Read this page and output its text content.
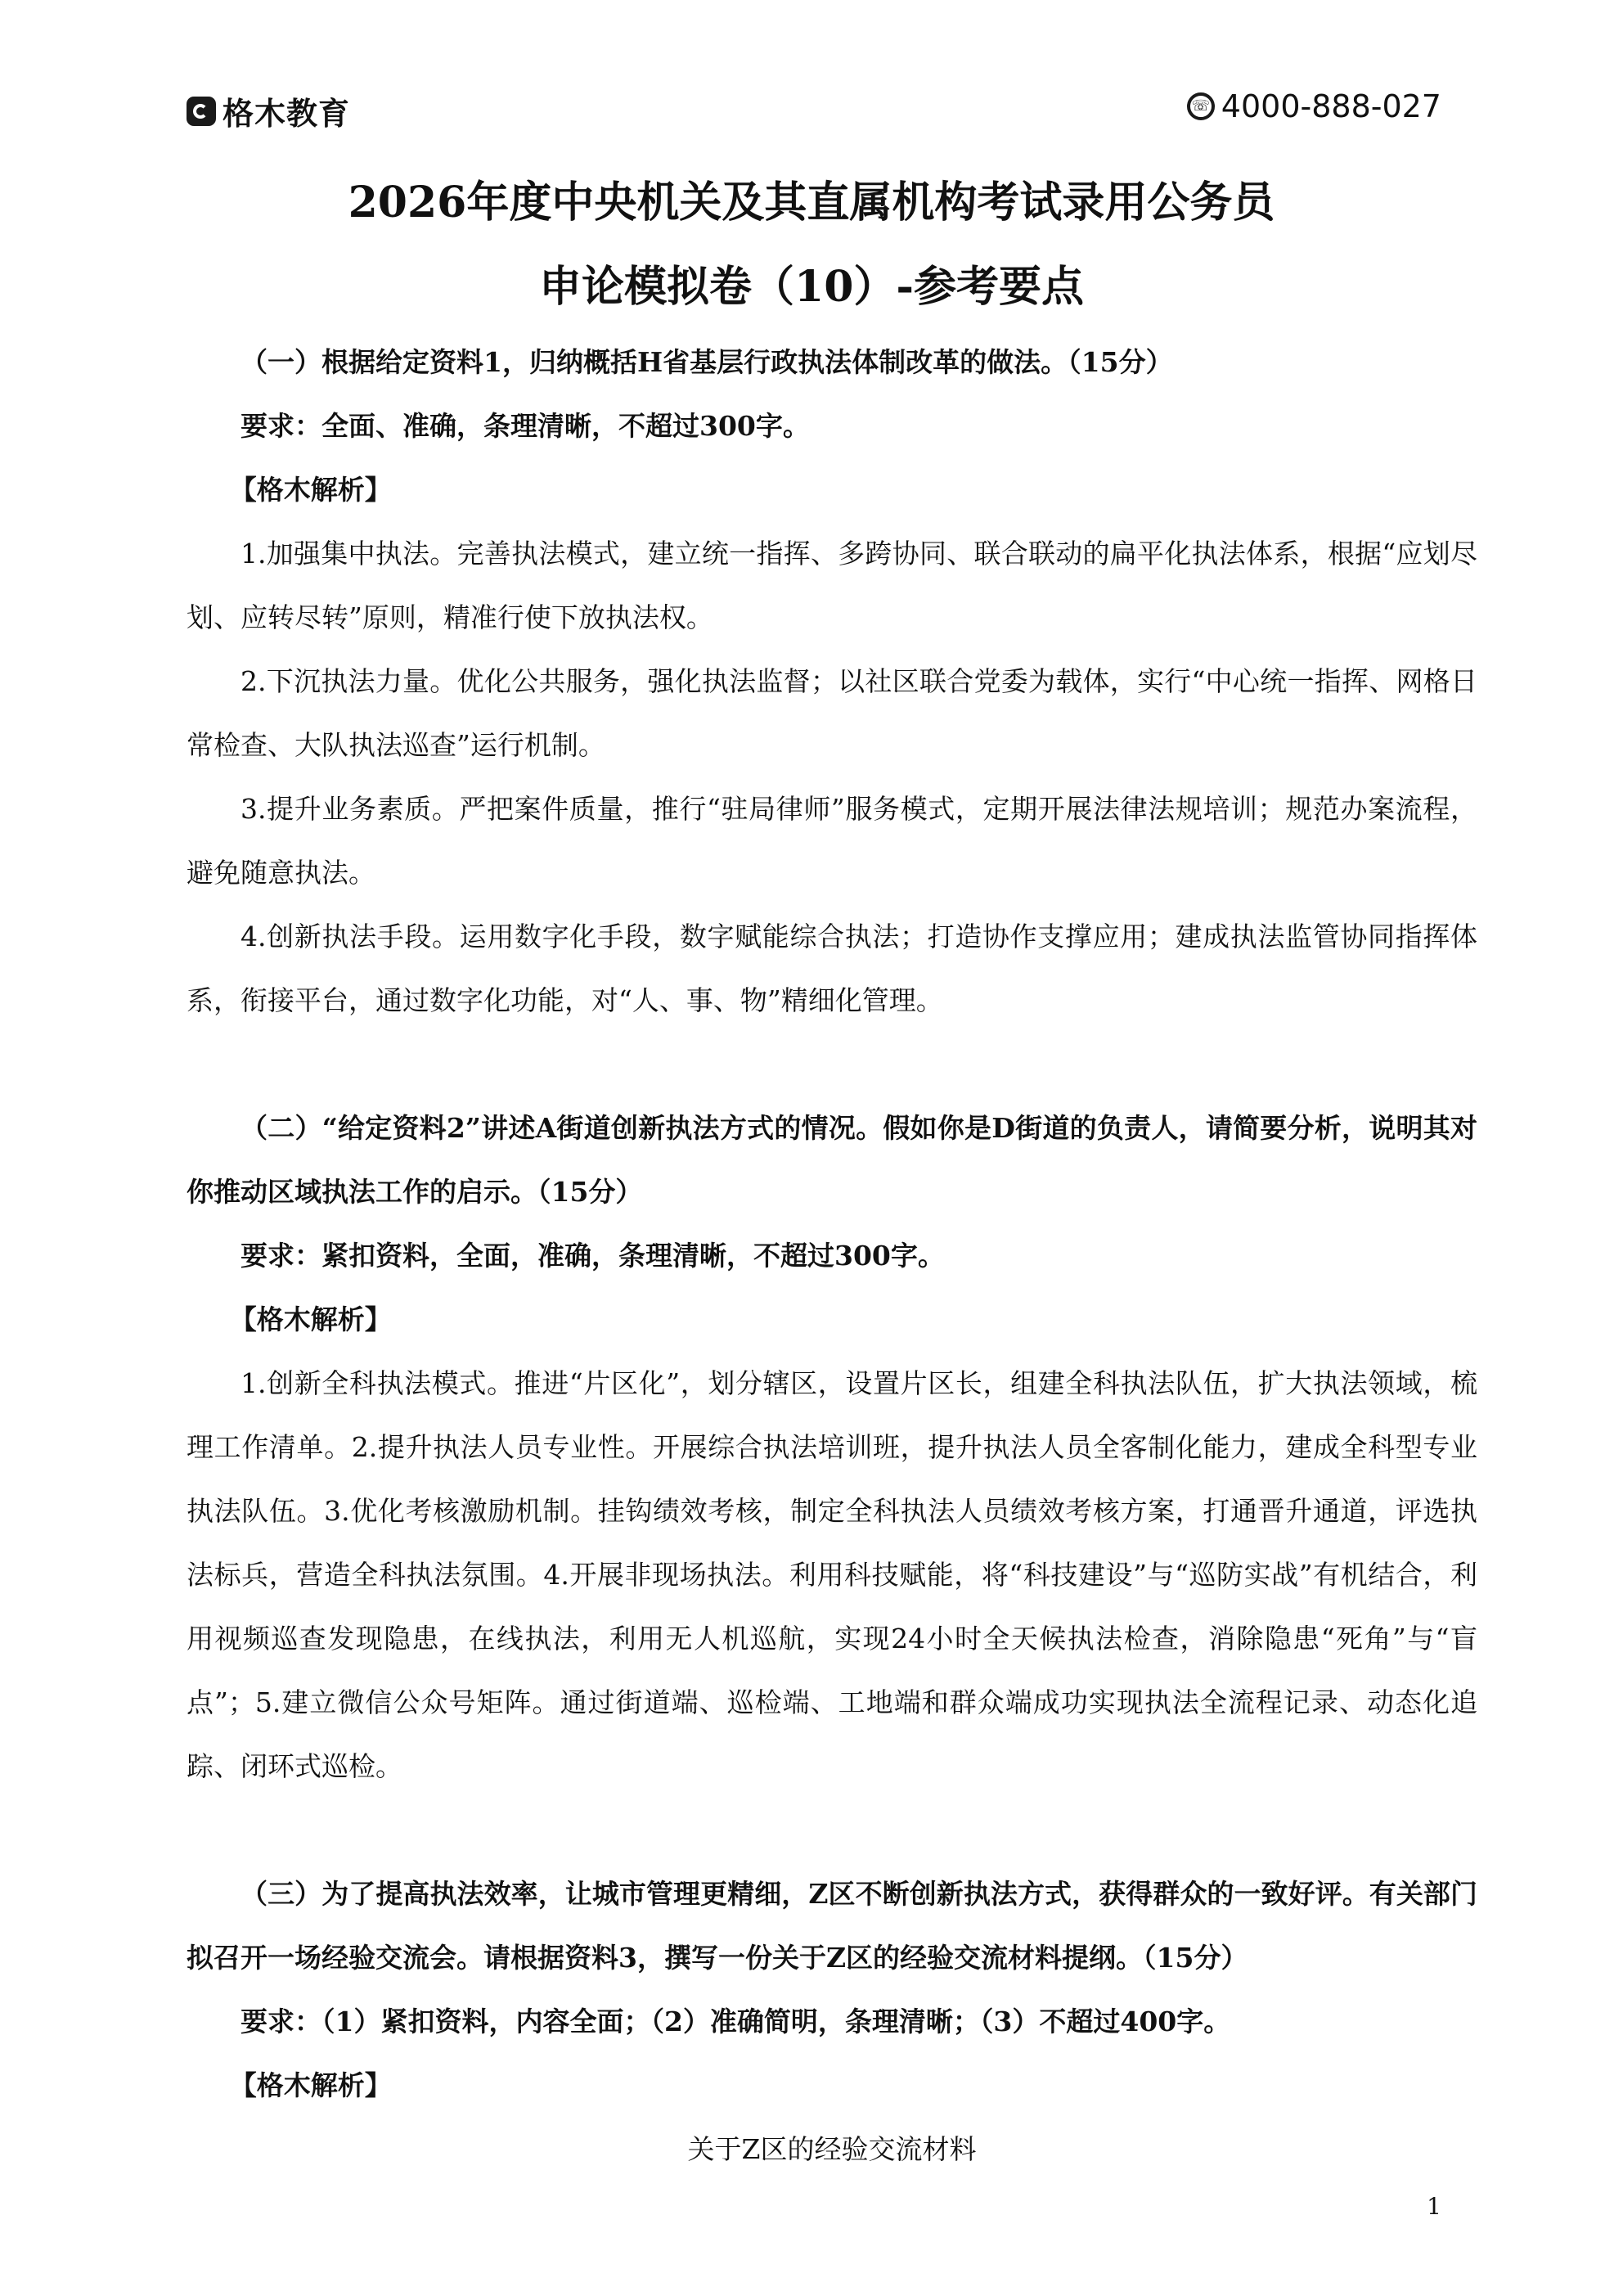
格木教育	☏ 4000-888-027
2026年度中央机关及其直属机构考试录用公务员
申论模拟卷（10）-参考要点

（一）根据给定资料1，归纳概括H省基层行政执法体制改革的做法。（15分）

要求：全面、准确，条理清晰，不超过300字。

【格木解析】

1.加强集中执法。完善执法模式，建立统一指挥、多跨协同、联合联动的扁平化执法体系，根据“应划尽划、应转尽转”原则，精准行使下放执法权。

2.下沉执法力量。优化公共服务，强化执法监督；以社区联合党委为载体，实行“中心统一指挥、网格日常检查、大队执法巡查”运行机制。

3.提升业务素质。严把案件质量，推行“驻局律师”服务模式，定期开展法律法规培训；规范办案流程，避免随意执法。

4.创新执法手段。运用数字化手段，数字赋能综合执法；打造协作支撑应用；建成执法监管协同指挥体系，衔接平台，通过数字化功能，对“人、事、物”精细化管理。

（二）“给定资料2”讲述A街道创新执法方式的情况。假如你是D街道的负责人，请简要分析，说明其对你推动区域执法工作的启示。（15分）

要求：紧扣资料，全面，准确，条理清晰，不超过300字。

【格木解析】

1.创新全科执法模式。推进“片区化”，划分辖区，设置片区长，组建全科执法队伍，扩大执法领域，梳理工作清单。2.提升执法人员专业性。开展综合执法培训班，提升执法人员全客制化能力，建成全科型专业执法队伍。3.优化考核激励机制。挂钩绩效考核，制定全科执法人员绩效考核方案，打通晋升通道，评选执法标兵，营造全科执法氛围。4.开展非现场执法。利用科技赋能，将“科技建设”与“巡防实战”有机结合，利用视频巡查发现隐患，在线执法，利用无人机巡航，实现24小时全天候执法检查，消除隐患“死角”与“盲点”；5.建立微信公众号矩阵。通过街道端、巡检端、工地端和群众端成功实现执法全流程记录、动态化追踪、闭环式巡检。

（三）为了提高执法效率，让城市管理更精细，Z区不断创新执法方式，获得群众的一致好评。有关部门拟召开一场经验交流会。请根据资料3，撰写一份关于Z区的经验交流材料提纲。（15分）

要求：（1）紧扣资料，内容全面；（2）准确简明，条理清晰；（3）不超过400字。

【格木解析】

关于Z区的经验交流材料

1
